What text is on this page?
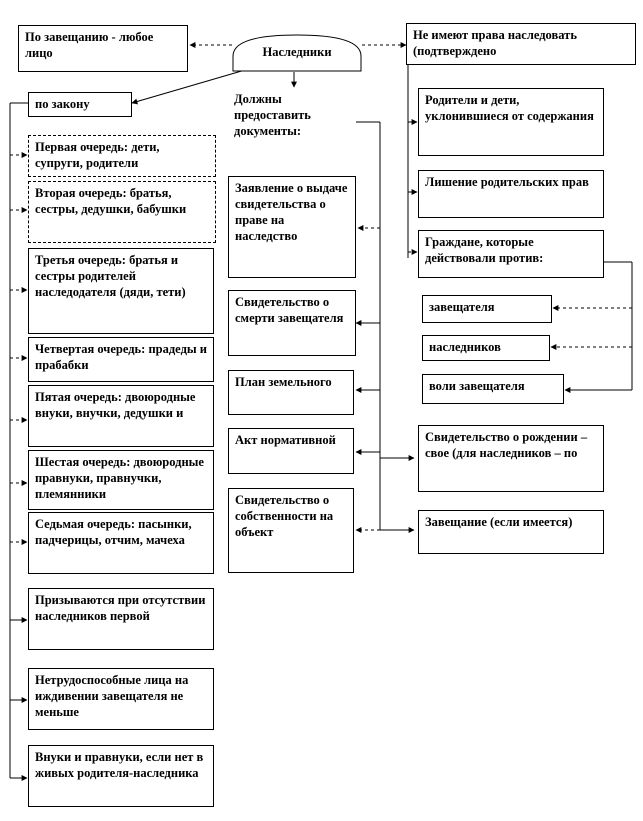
Наследники
По завещанию - любое лицо
по закону
Не имеют права наследовать (подтверждено
Должны предоставить документы:
Первая очередь: дети, супруги, родители
Вторая очередь: братья, сестры, дедушки, бабушки
Третья очередь: братья и сестры родителей наследодателя (дяди, тети)
Четвертая очередь: прадеды и прабабки
Пятая очередь: двоюродные внуки, внучки, дедушки и
Шестая очередь: двоюродные правнуки, правнучки, племянники
Седьмая очередь: пасынки, падчерицы, отчим, мачеха
Призываются при отсутствии наследников первой
Нетрудоспособные лица на иждивении завещателя не меньше
Внуки и правнуки, если нет в живых родителя-наследника
Заявление о выдаче свидетельства о праве на наследство
Свидетельство о смерти завещателя
План земельного
Акт нормативной
Свидетельство о собственности на объект
Родители и дети, уклонившиеся от содержания
Лишение родительских прав
Граждане, которые действовали против:
завещателя
наследников
воли завещателя
Свидетельство о рождении – свое (для наследников – по
Завещание (если имеется)
